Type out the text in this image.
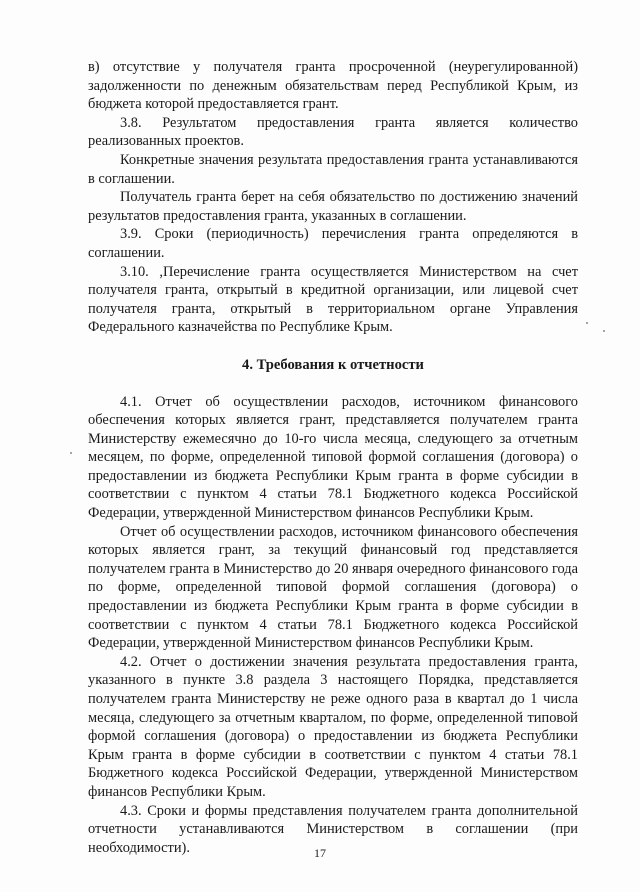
в) отсутствие у получателя гранта просроченной (неурегулированной) задолженности по денежным обязательствам перед Республикой Крым, из бюджета которой предоставляется грант.

3.8. Результатом предоставления гранта является количество реализованных проектов.

Конкретные значения результата предоставления гранта устанавливаются в соглашении.

Получатель гранта берет на себя обязательство по достижению значений результатов предоставления гранта, указанных в соглашении.

3.9. Сроки (периодичность) перечисления гранта определяются в соглашении.

3.10. ,Перечисление гранта осуществляется Министерством на счет получателя гранта, открытый в кредитной организации, или лицевой счет получателя гранта, открытый в территориальном органе Управления Федерального казначейства по Республике Крым.

4. Требования к отчетности

4.1. Отчет об осуществлении расходов, источником финансового обеспечения которых является грант, представляется получателем гранта Министерству ежемесячно до 10-го числа месяца, следующего за отчетным месяцем, по форме, определенной типовой формой соглашения (договора) о предоставлении из бюджета Республики Крым гранта в форме субсидии в соответствии с пунктом 4 статьи 78.1 Бюджетного кодекса Российской Федерации, утвержденной Министерством финансов Республики Крым.

Отчет об осуществлении расходов, источником финансового обеспечения которых является грант, за текущий финансовый год представляется получателем гранта в Министерство до 20 января очередного финансового года по форме, определенной типовой формой соглашения (договора) о предоставлении из бюджета Республики Крым гранта в форме субсидии в соответствии с пунктом 4 статьи 78.1 Бюджетного кодекса Российской Федерации, утвержденной Министерством финансов Республики Крым.

4.2. Отчет о достижении значения результата предоставления гранта, указанного в пункте 3.8 раздела 3 настоящего Порядка, представляется получателем гранта Министерству не реже одного раза в квартал до 1 числа месяца, следующего за отчетным кварталом, по форме, определенной типовой формой соглашения (договора) о предоставлении из бюджета Республики Крым гранта в форме субсидии в соответствии с пунктом 4 статьи 78.1 Бюджетного кодекса Российской Федерации, утвержденной Министерством финансов Республики Крым.

4.3. Сроки и формы представления получателем гранта дополнительной отчетности устанавливаются Министерством в соглашении (при необходимости).	17
